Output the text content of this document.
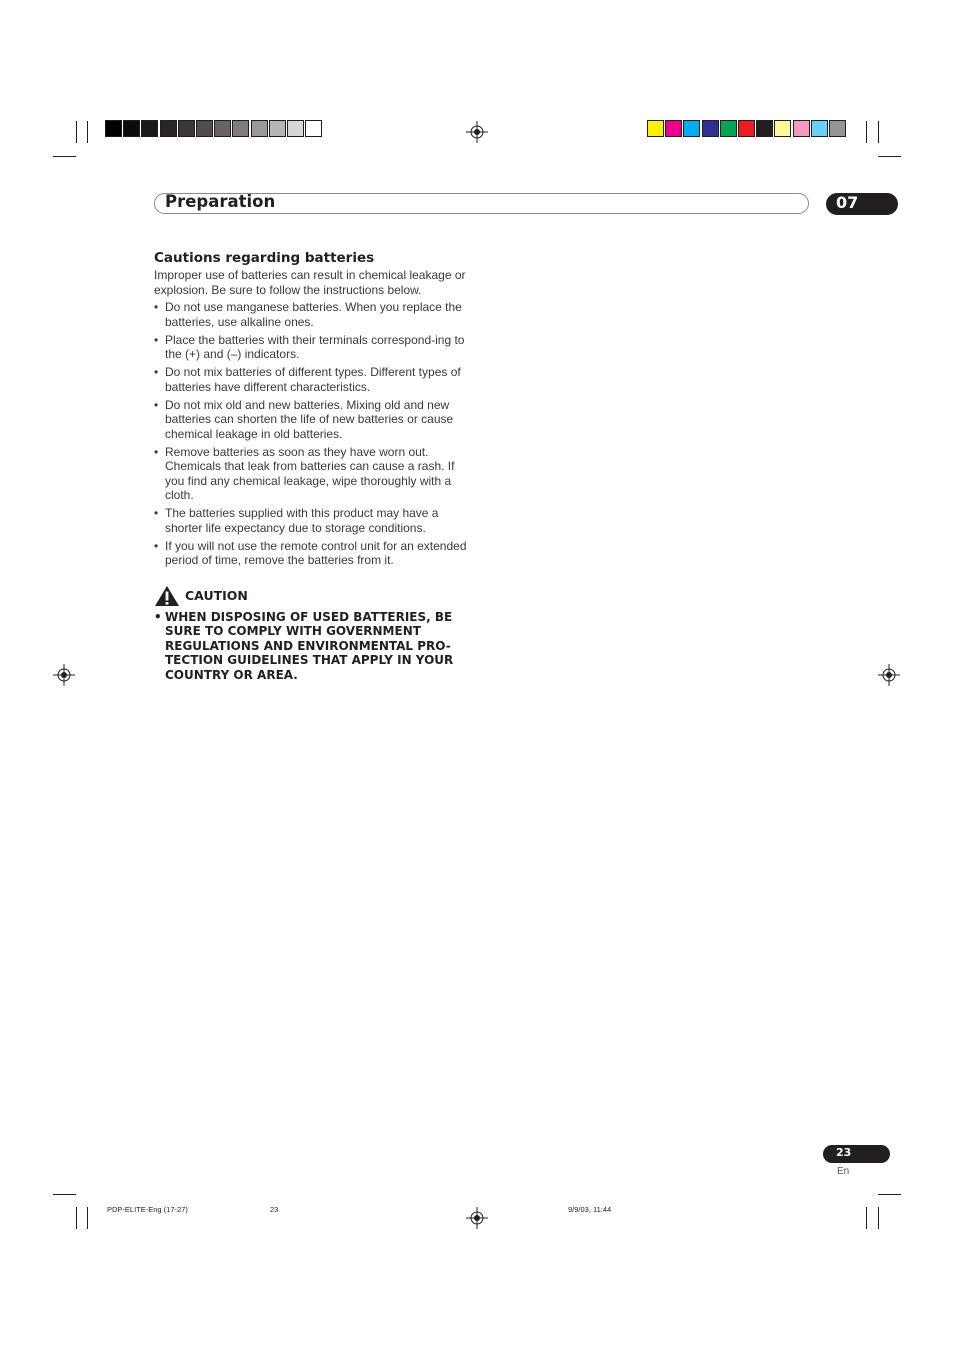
Preparation	07
Cautions regarding batteries

Improper use of batteries can result in chemical leakage or explosion. Be sure to follow the instructions below.

• Do not use manganese batteries. When you replace the batteries, use alkaline ones.
• Place the batteries with their terminals correspond-ing to the (+) and (–) indicators.
• Do not mix batteries of different types. Different types of batteries have different characteristics.
• Do not mix old and new batteries. Mixing old and new batteries can shorten the life of new batteries or cause chemical leakage in old batteries.
• Remove batteries as soon as they have worn out. Chemicals that leak from batteries can cause a rash. If you find any chemical leakage, wipe thoroughly with a cloth.
• The batteries supplied with this product may have a shorter life expectancy due to storage conditions.
• If you will not use the remote control unit for an extended period of time, remove the batteries from it.
CAUTION
• WHEN DISPOSING OF USED BATTERIES, BE SURE TO COMPLY WITH GOVERNMENT REGULATIONS AND ENVIRONMENTAL PRO-TECTION GUIDELINES THAT APPLY IN YOUR COUNTRY OR AREA.
23
En
PDP-ELITE-Eng (17-27)	23	9/9/03, 11:44
